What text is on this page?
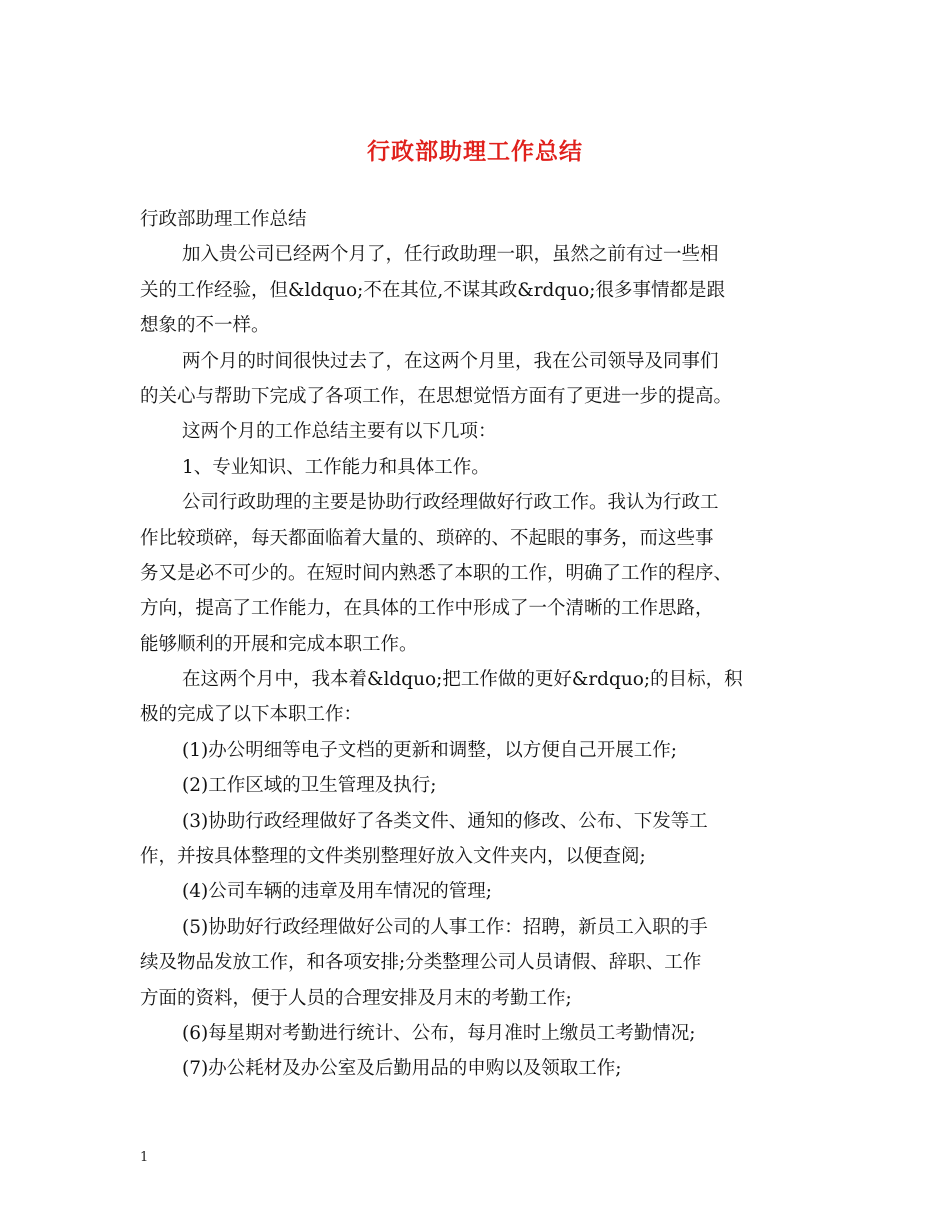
行政部助理工作总结
行政部助理工作总结
加入贵公司已经两个月了，任行政助理一职，虽然之前有过一些相
关的工作经验，但&ldquo;不在其位,不谋其政&rdquo;很多事情都是跟
想象的不一样。
两个月的时间很快过去了，在这两个月里，我在公司领导及同事们
的关心与帮助下完成了各项工作，在思想觉悟方面有了更进一步的提高。
这两个月的工作总结主要有以下几项：
1、专业知识、工作能力和具体工作。
公司行政助理的主要是协助行政经理做好行政工作。我认为行政工
作比较琐碎，每天都面临着大量的、琐碎的、不起眼的事务，而这些事
务又是必不可少的。在短时间内熟悉了本职的工作，明确了工作的程序、
方向，提高了工作能力，在具体的工作中形成了一个清晰的工作思路，
能够顺利的开展和完成本职工作。
在这两个月中，我本着&ldquo;把工作做的更好&rdquo;的目标，积
极的完成了以下本职工作：
(1)办公明细等电子文档的更新和调整，以方便自己开展工作;
(2)工作区域的卫生管理及执行;
(3)协助行政经理做好了各类文件、通知的修改、公布、下发等工
作，并按具体整理的文件类别整理好放入文件夹内，以便查阅;
(4)公司车辆的违章及用车情况的管理;
(5)协助好行政经理做好公司的人事工作：招聘，新员工入职的手
续及物品发放工作，和各项安排;分类整理公司人员请假、辞职、工作
方面的资料，便于人员的合理安排及月末的考勤工作;
(6)每星期对考勤进行统计、公布，每月准时上缴员工考勤情况;
(7)办公耗材及办公室及后勤用品的申购以及领取工作;
1
